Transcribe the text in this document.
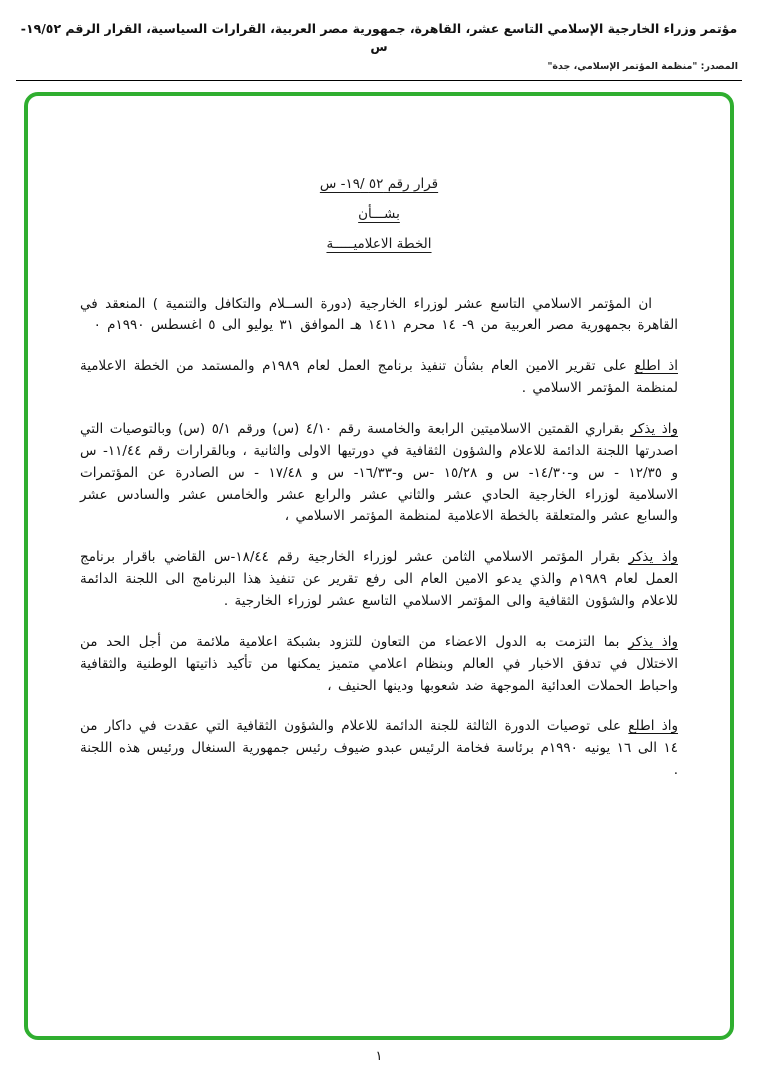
مؤتمر وزراء الخارجية الإسلامي التاسع عشر، القاهرة، جمهورية مصر العربية، القرارات السياسية، القرار الرقم ١٩/٥٢-س
المصدر: "منظمة المؤتمر الإسلامي، جدة"
قرار رقم ٥٢ /١٩- س
بشـــأن
الخطة الاعلاميـــــة
ان المؤتمر الاسلامي التاسع عشر لوزراء الخارجية (دورة الســلام والتكافل والتنمية ) المنعقد في القاهرة بجمهورية مصر العربية من ٩- ١٤ محرم ١٤١١ هـ الموافق ٣١ يوليو الى ٥ اغسطس ١٩٩٠م ٠
اذ اطلع على تقرير الامين العام بشأن تنفيذ برنامج العمل لعام ١٩٨٩م والمستمد من الخطة الاعلامية لمنظمة المؤتمر الاسلامي .
واذ يذكر بقراري القمتين الاسلاميتين الرابعة والخامسة رقم ٤/١٠ (س) ورقم ٥/١ (س) وبالتوصيات التي اصدرتها اللجنة الدائمة للاعلام والشؤون الثقافية في دورتيها الاولى والثانية ، وبالقرارات رقم ١١/٤٤- س و ١٢/٣٥ - س و-١٤/٣٠- س و ١٥/٢٨ -س و-١٦/٣٣- س و ١٧/٤٨ - س الصادرة عن المؤتمرات الاسلامية لوزراء الخارجية الحادي عشر والثاني عشر والرابع عشر والخامس عشر والسادس عشر والسابع عشر والمتعلقة بالخطة الاعلامية لمنظمة المؤتمر الاسلامي ،
واذ يذكر بقرار المؤتمر الاسلامي الثامن عشر لوزراء الخارجية رقم ١٨/٤٤-س القاضي باقرار برنامج العمل لعام ١٩٨٩م والذي يدعو الامين العام الى رفع تقرير عن تنفيذ هذا البرنامج الى اللجنة الدائمة للاعلام والشؤون الثقافية والى المؤتمر الاسلامي التاسع عشر لوزراء الخارجية .
واذ يذكر بما التزمت به الدول الاعضاء من التعاون للتزود بشبكة اعلامية ملائمة من أجل الحد من الاختلال في تدفق الاخبار في العالم وبنظام اعلامي متميز يمكنها من تأكيد ذاتيتها الوطنية والثقافية واحباط الحملات العدائية الموجهة ضد شعوبها ودينها الحنيف ،
واذ اطلع على توصيات الدورة الثالثة للجنة الدائمة للاعلام والشؤون الثقافية التي عقدت في داكار من ١٤ الى ١٦ يونيه ١٩٩٠م برئاسة فخامة الرئيس عبدو ضيوف رئيس جمهورية السنغال ورئيس هذه اللجنة .
١
